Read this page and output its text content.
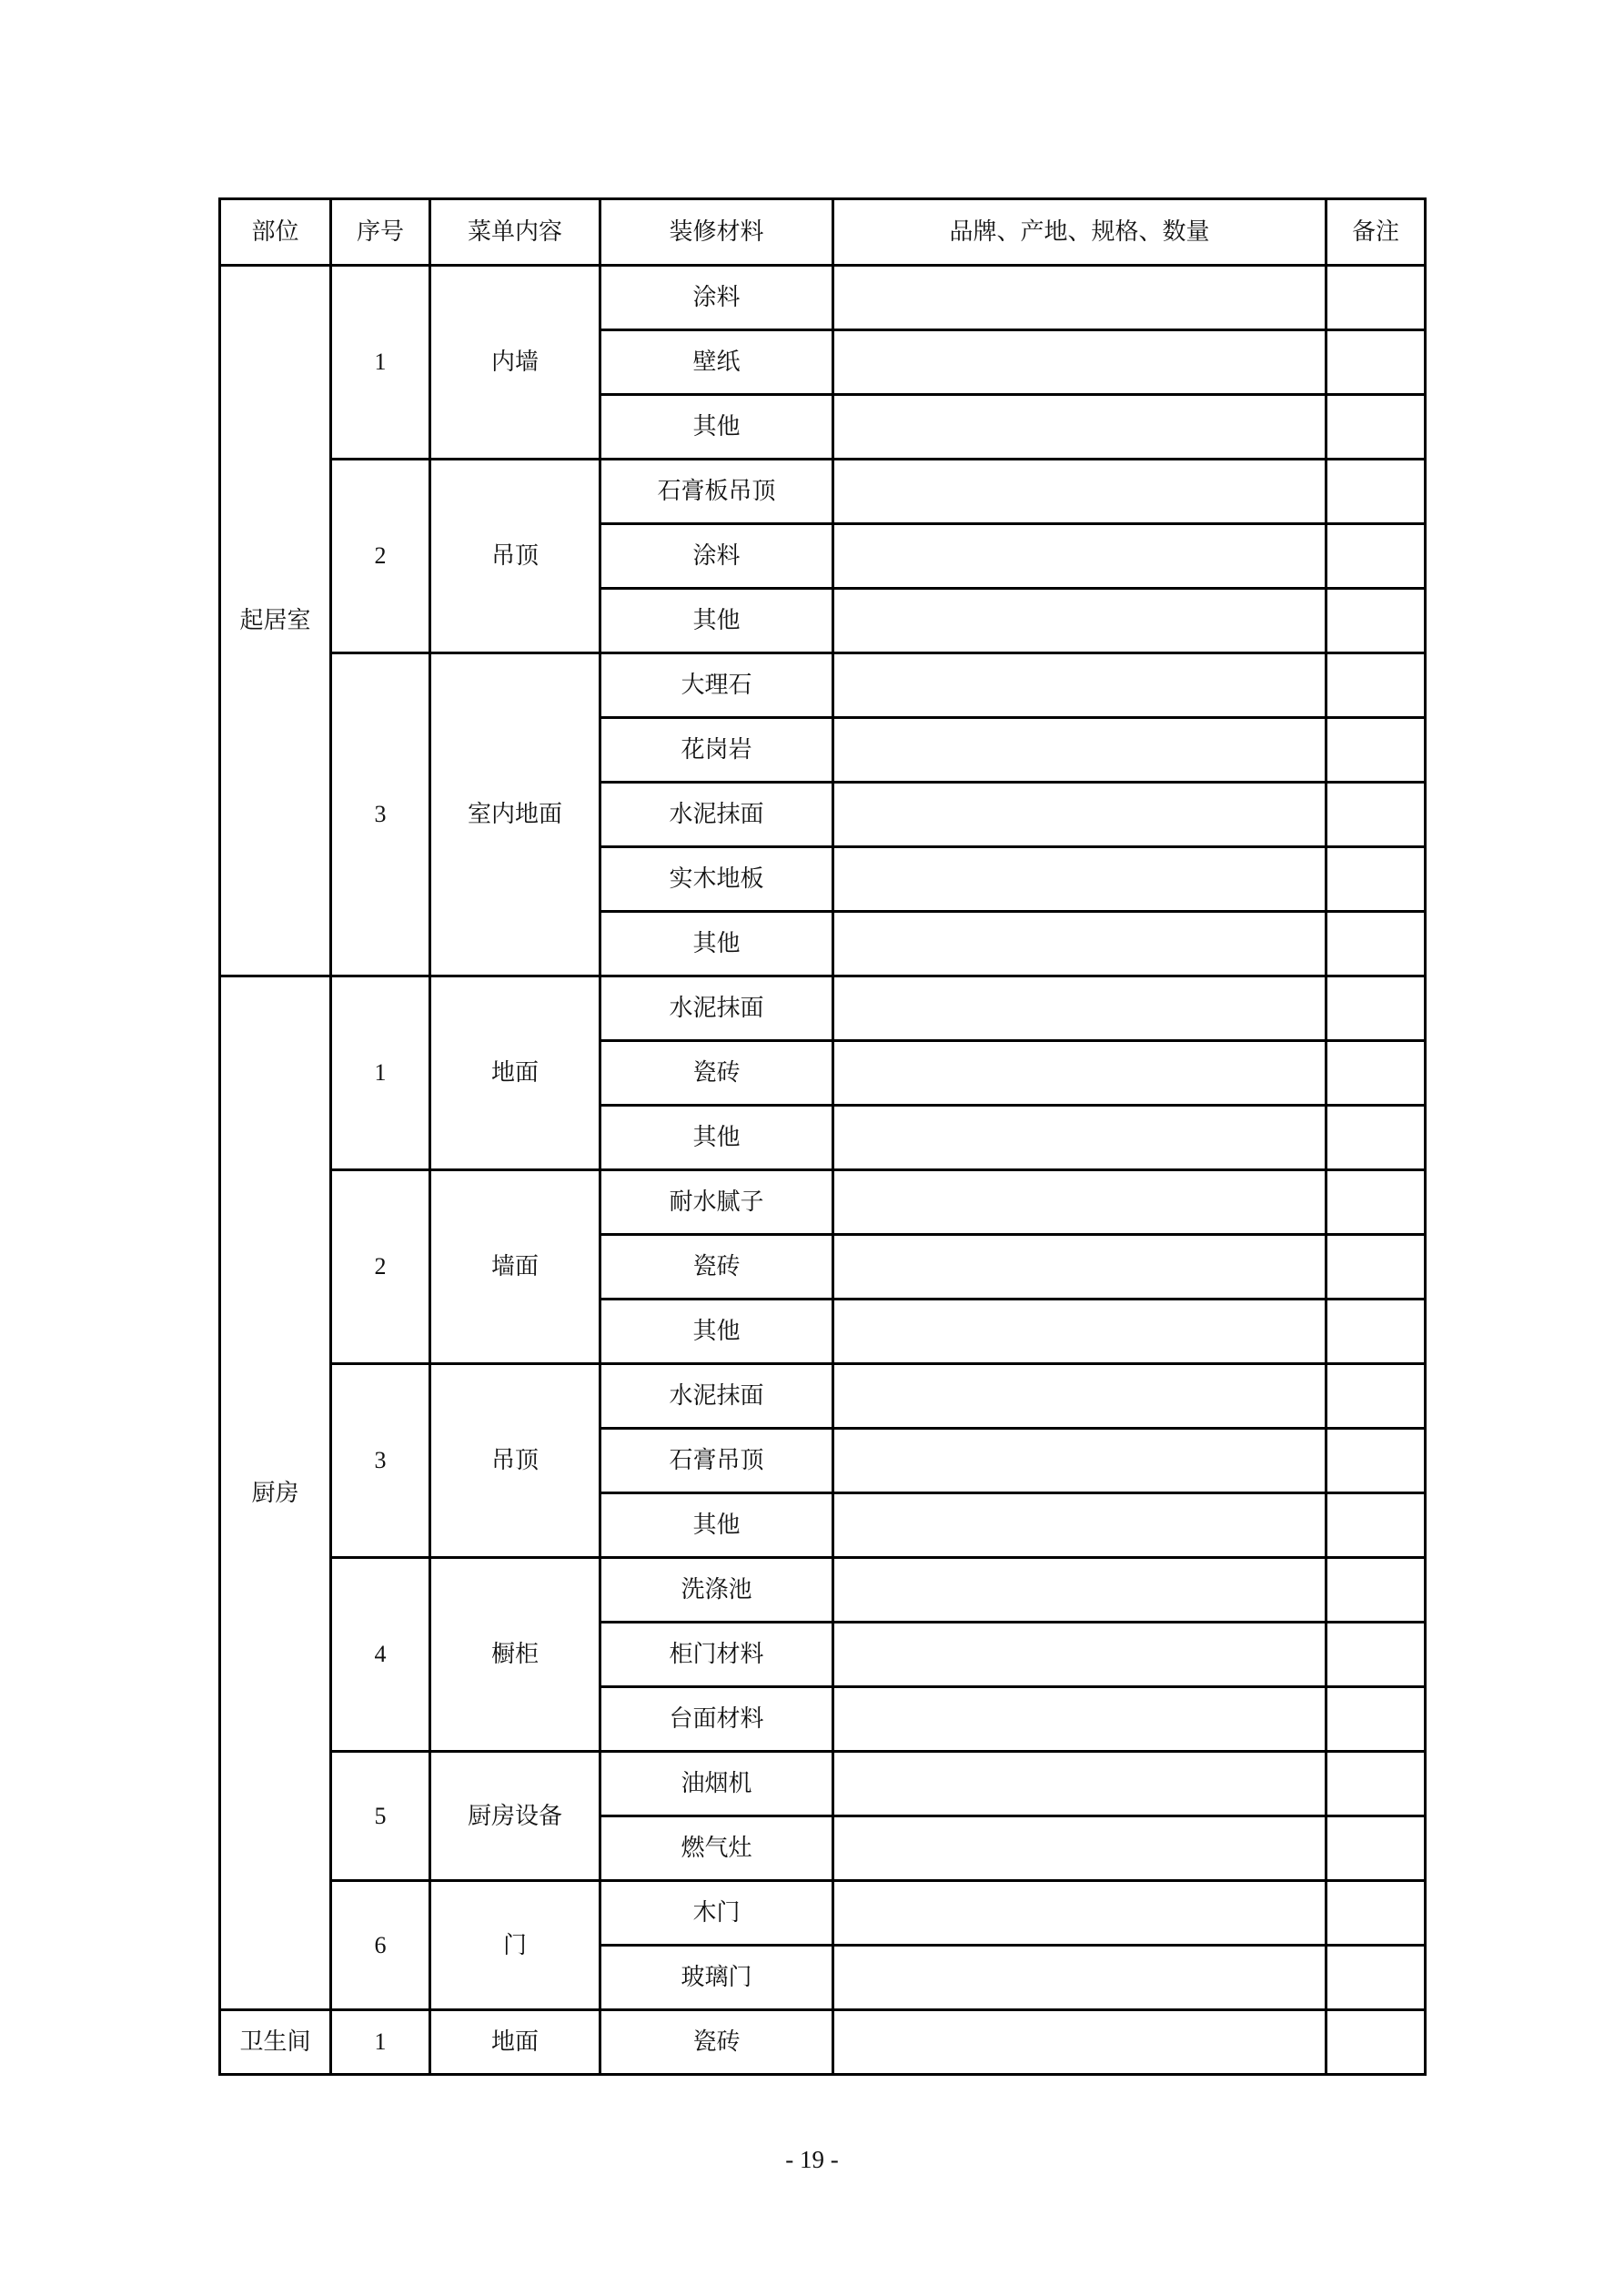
部位	序号	菜单内容	装修材料	品牌、产地、规格、数量	备注
起居室	1	内墙	涂料		
			壁纸		
			其他		
	2	吊顶	石膏板吊顶		
			涂料		
			其他		
	3	室内地面	大理石		
			花岗岩		
			水泥抹面		
			实木地板		
			其他		
厨房	1	地面	水泥抹面		
			瓷砖		
			其他		
	2	墙面	耐水腻子		
			瓷砖		
			其他		
	3	吊顶	水泥抹面		
			石膏吊顶		
			其他		
	4	橱柜	洗涤池		
			柜门材料		
			台面材料		
	5	厨房设备	油烟机		
			燃气灶		
	6	门	木门		
			玻璃门		
卫生间	1	地面	瓷砖		
- 19 -
